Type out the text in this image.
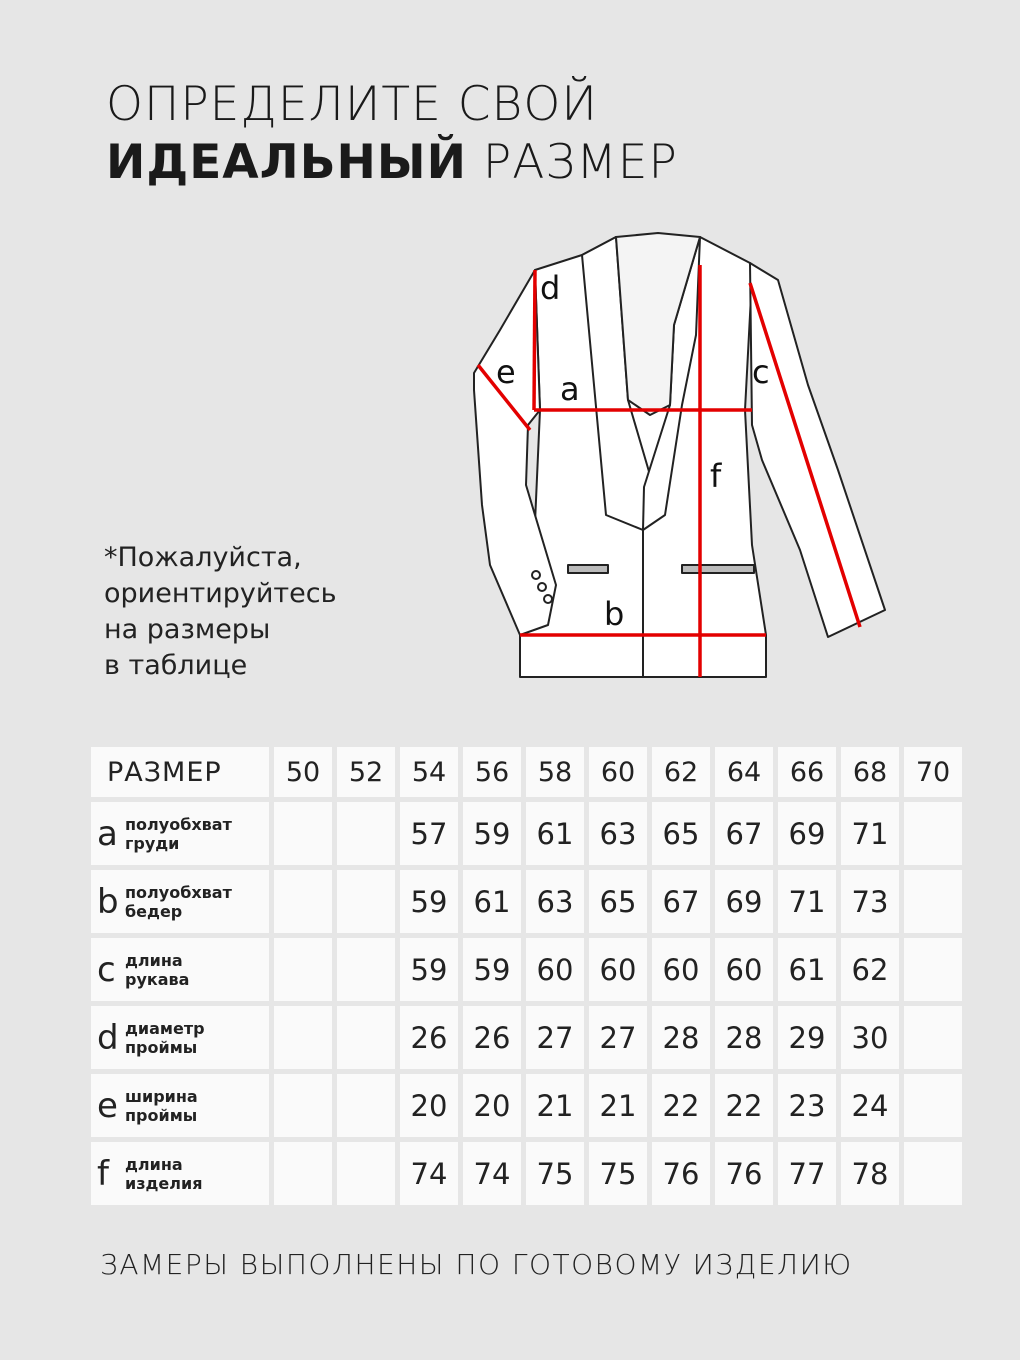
ОПРЕДЕЛИТЕ СВОЙ
ИДЕАЛЬНЫЙ РАЗМЕР
*Пожалуйста,
ориентируйтесь
на размеры
в таблице
d
e a	c
f
b
РАЗМЕР	50	52	54	56	58	60	62	64	66	68	70
a полуобхват
груди			57	59	61	63	65	67	69	71	
b полуобхват
бедер			59	61	63	65	67	69	71	73	
c длина
рукава			59	59	60	60	60	60	61	62	
d диаметр
проймы			26	26	27	27	28	28	29	30	
e ширина
проймы			20	20	21	21	22	22	23	24	
f длина
изделия			74	74	75	75	76	76	77	78	
ЗАМЕРЫ ВЫПОЛНЕНЫ ПО ГОТОВОМУ ИЗДЕЛИЮ
